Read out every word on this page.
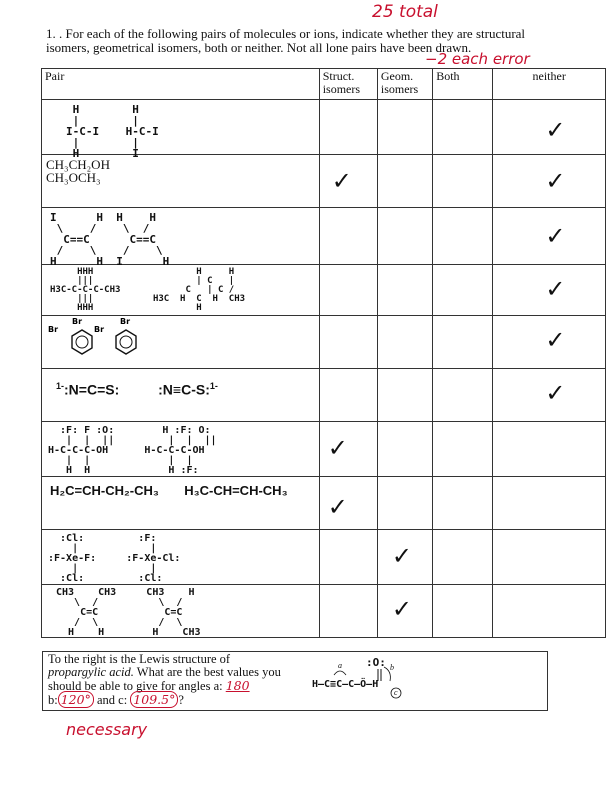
25 total
1. . For each of the following pairs of molecules or ions, indicate whether they are structural isomers, geometrical isomers, both or neither. Not all lone pairs have been drawn.
−2 each error
Pair	Struct. isomers	Geom. isomers	Both	neither

H        H
|        |
I-C-I    H-C-I
|        |
H        I				✓

CH₃CH₂OH
CH₃OCH₃	✓			✓

I      H  H    H
\    /    \  /
C==C      C==C
/    \    /    \
H      H  I      H				✓

HHH                   H     H
|||                   | C   |
H3C-C-C-C-CH3            C   | C /
|||           H3C  H  C  H  CH3
HHH                   H				✓

Br
Br
Br
Br				✓

$^{1-}$:N=C=S:          :N≡C-S:$^{1-}$				✓

:F: F :O:        H :F: O:
|  |  ||         |  |  ||
H-C-C-C-OH      H-C-C-C-OH
|  |             |  |
H  H             H :F:	✓			

H₂C=CH-CH₂-CH₃       H₃C-CH=CH-CH₃	✓			

:Cl:         :F:
|            |
:F-Xe-F:     :F-Xe-Cl:
|            |
:Cl:         :Cl:		✓		

CH3    CH3     CH3    H
\  /          \  /
C=C           C=C
/  \          /  \
H    H        H    CH3		✓		

To the right is the Lewis structure of
propargylic acid. What are the best values you
should be able to give for angles a: 180
b: 120° and c: 109.5° ?
:O:
a	b
c
H—C≡C—C—Ö—H
necessary
